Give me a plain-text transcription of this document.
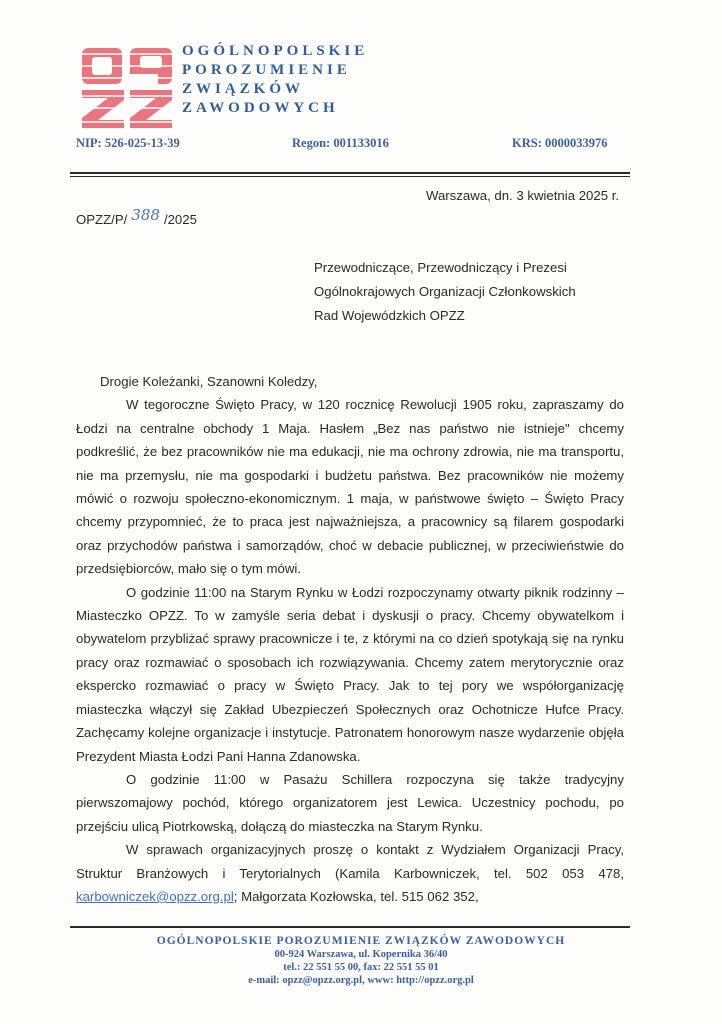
OGÓLNOPOLSKIE
POROZUMIENIE
ZWIĄZKÓW
ZAWODOWYCH
NIP: 526-025-13-39	Regon: 001133016	KRS: 0000033976
Warszawa, dn. 3 kwietnia 2025 r.
OPZZ/P/ 388 /2025
Przewodniczące, Przewodniczący i Prezesi
Ogólnokrajowych Organizacji Członkowskich
Rad Wojewódzkich OPZZ

Drogie Koleżanki, Szanowni Koledzy,

W tegoroczne Święto Pracy, w 120 rocznicę Rewolucji 1905 roku, zapraszamy do Łodzi na centralne obchody 1 Maja. Hasłem „Bez nas państwo nie istnieje" chcemy podkreślić, że bez pracowników nie ma edukacji, nie ma ochrony zdrowia, nie ma transportu, nie ma przemysłu, nie ma gospodarki i budżetu państwa. Bez pracowników nie możemy mówić o rozwoju społeczno-ekonomicznym. 1 maja, w państwowe święto – Święto Pracy chcemy przypomnieć, że to praca jest najważniejsza, a pracownicy są filarem gospodarki oraz przychodów państwa i samorządów, choć w debacie publicznej, w przeciwieństwie do przedsiębiorców, mało się o tym mówi.

O godzinie 11:00 na Starym Rynku w Łodzi rozpoczynamy otwarty piknik rodzinny – Miasteczko OPZZ. To w zamyśle seria debat i dyskusji o pracy. Chcemy obywatelkom i obywatelom przybliżać sprawy pracownicze i te, z którymi na co dzień spotykają się na rynku pracy oraz rozmawiać o sposobach ich rozwiązywania. Chcemy zatem merytorycznie oraz ekspercko rozmawiać o pracy w Święto Pracy. Jak to tej pory we współorganizację miasteczka włączył się Zakład Ubezpieczeń Społecznych oraz Ochotnicze Hufce Pracy. Zachęcamy kolejne organizacje i instytucje. Patronatem honorowym nasze wydarzenie objęła Prezydent Miasta Łodzi Pani Hanna Zdanowska.

O godzinie 11:00 w Pasażu Schillera rozpoczyna się także tradycyjny pierwszomajowy pochód, którego organizatorem jest Lewica. Uczestnicy pochodu, po przejściu ulicą Piotrkowską, dołączą do miasteczka na Starym Rynku.

W sprawach organizacyjnych proszę o kontakt z Wydziałem Organizacji Pracy, Struktur Branżowych i Terytorialnych (Kamila Karbowniczek, tel. 502 053 478, karbowniczek@opzz.org.pl; Małgorzata Kozłowska, tel. 515 062 352,

OGÓLNOPOLSKIE POROZUMIENIE ZWIĄZKÓW ZAWODOWYCH
00-924 Warszawa, ul. Kopernika 36/40
tel.: 22 551 55 00, fax: 22 551 55 01
e-mail: opzz@opzz.org.pl, www: http://opzz.org.pl
